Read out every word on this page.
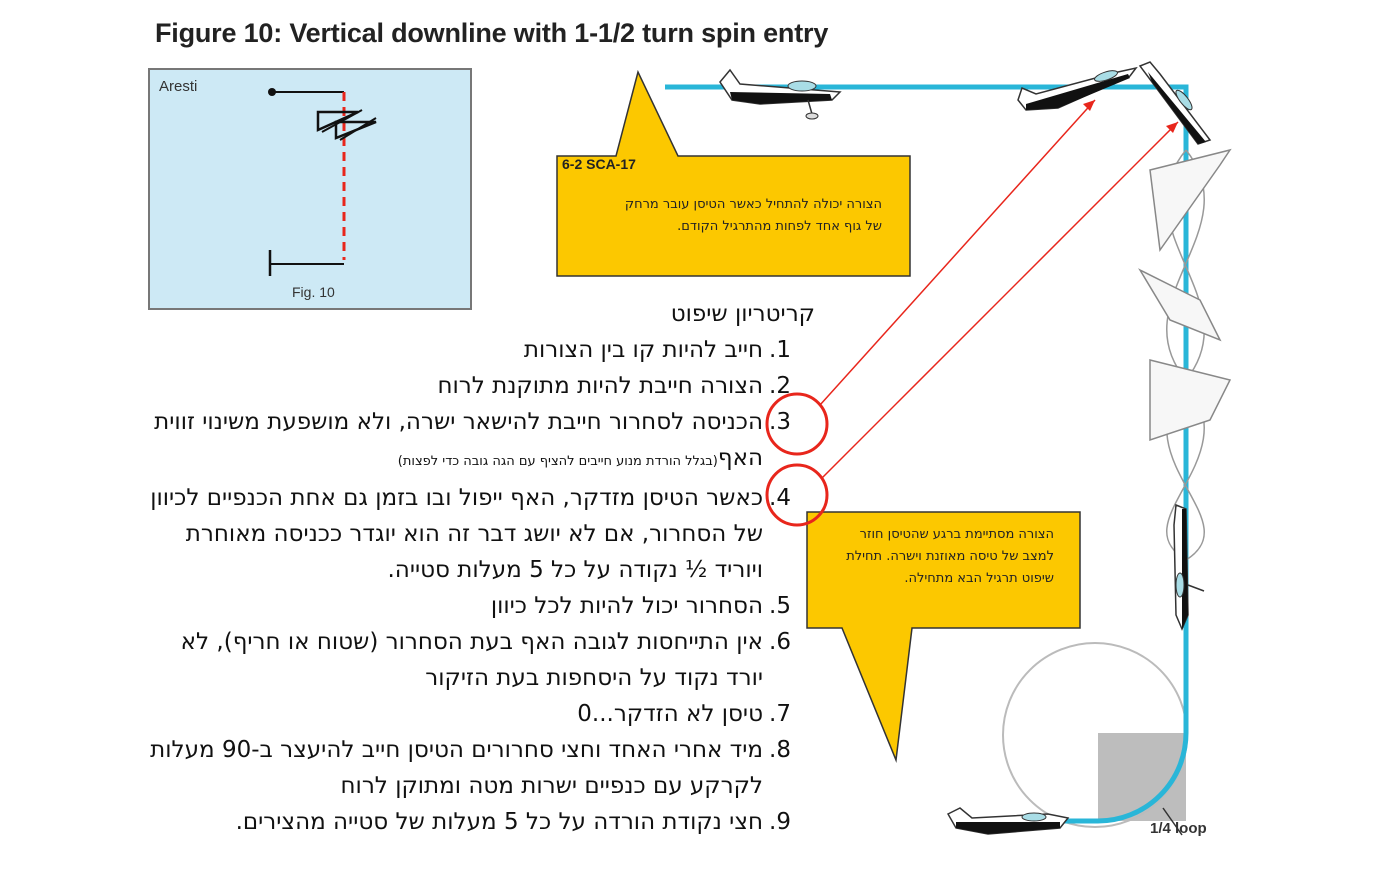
Figure 10: Vertical downline with 1-1/2 turn spin entry
Aresti
Fig. 10
6-2 SCA-17
הצורה יכולה להתחיל כאשר הטיסן עובר מרחק של גוף אחד לפחות מהתרגיל הקודם.
הצורה מסתיימת ברגע שהטיסן חוזר למצב של טיסה מאוזנת וישרה. תחילת שיפוט תרגיל הבא מתחילה.
1/4 loop
קריטריון שיפוט
1.
חייב להיות קו בין הצורות
2.
הצורה חייבת להיות מתוקנת לרוח
3.
הכניסה לסחרור חייבת להישאר ישרה, ולא מושפעת משינוי זווית האף(בגלל הורדת מנוע חייבים להציף עם הגה גובה כדי לפצות)
4.
כאשר הטיסן מזדקר, האף ייפול ובו בזמן גם אחת הכנפיים לכיוון של הסחרור, אם לא יושג דבר זה הוא יוגדר ככניסה מאוחרת ויוריד ½ נקודה על כל 5 מעלות סטייה.
5.
הסחרור יכול להיות לכל כיוון
6.
אין התייחסות לגובה האף בעת הסחרור (שטוח או חריף), לא יורד נקוד על היסחפות בעת הזיקור
7.
טיסן לא הזדקר...0
8.
מיד אחרי האחד וחצי סחרורים הטיסן חייב להיעצר ב-90 מעלות לקרקע עם כנפיים ישרות מטה ומתוקן לרוח
9.
חצי נקודת הורדה על כל 5 מעלות של סטייה מהצירים.
